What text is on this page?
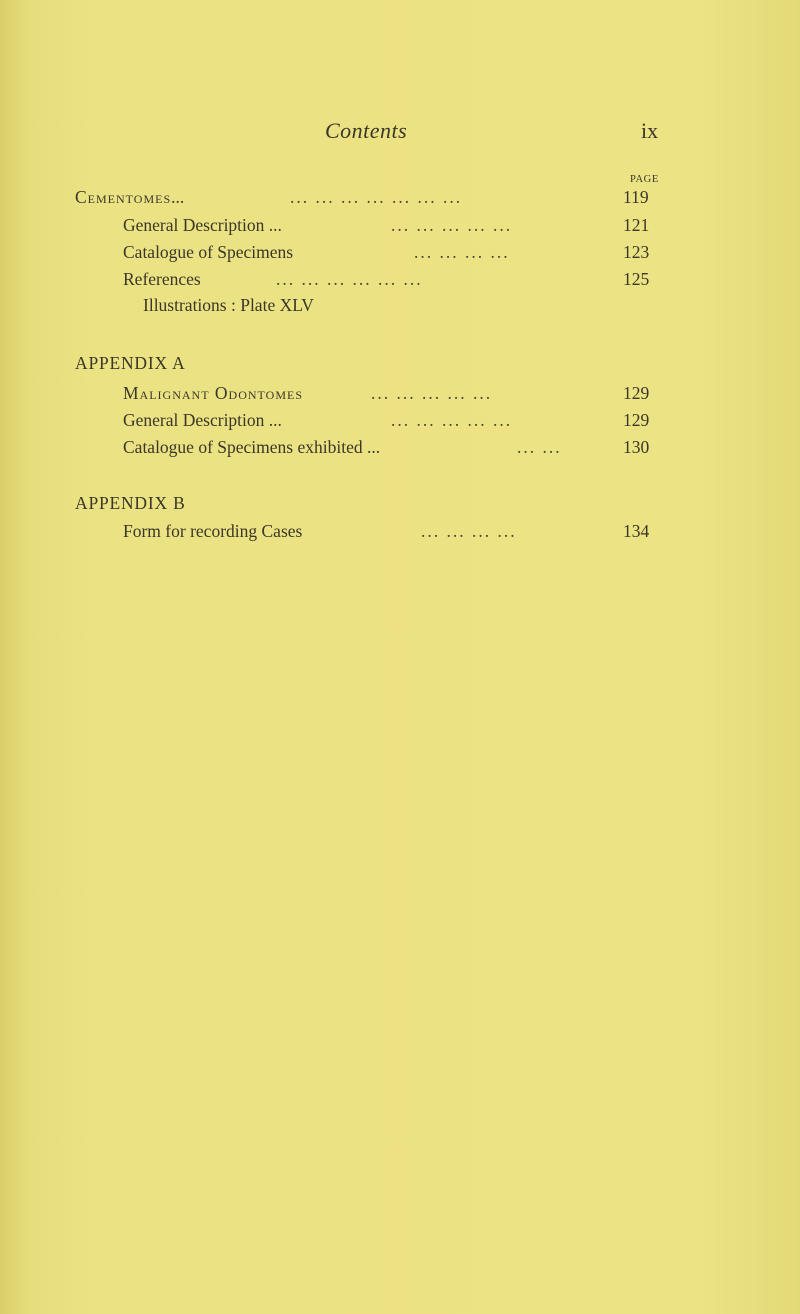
Contents	ix
PAGE
Cementomes...	... ... ... ... ... ... ...	119
General Description ...	... ... ... ... ...	121
Catalogue of Specimens	... ... ... ...	123
References	... ... ... ... ... ...	125
Illustrations : Plate XLV
APPENDIX A
Malignant Odontomes	... ... ... ... ...	129
General Description ...	... ... ... ... ...	129
Catalogue of Specimens exhibited ...	... ...	130
APPENDIX B
Form for recording Cases	... ... ... ...	134
